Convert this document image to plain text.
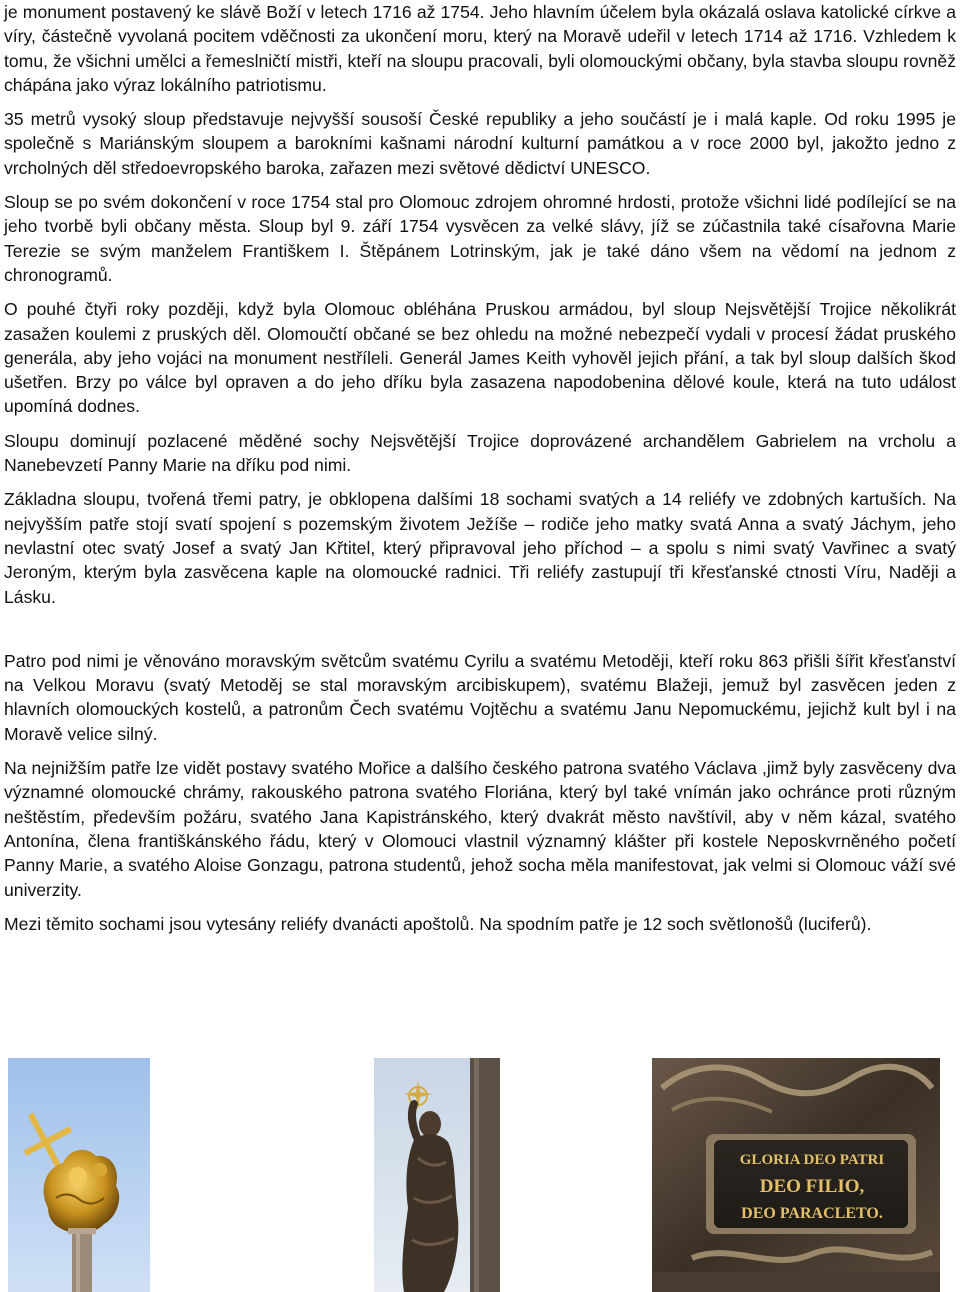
je monument postavený ke slávě Boží v letech 1716 až 1754. Jeho hlavním účelem byla okázalá oslava katolické církve a víry, částečně vyvolaná pocitem vděčnosti za ukončení moru, který na Moravě udeřil v letech 1714 až 1716. Vzhledem k tomu, že všichni umělci a řemeslničtí mistři, kteří na sloupu pracovali, byli olomouckými občany, byla stavba sloupu rovněž chápána jako výraz lokálního patriotismu.

35 metrů vysoký sloup představuje nejvyšší sousoší České republiky a jeho součástí je i malá kaple. Od roku 1995 je společně s Mariánským sloupem a barokními kašnami národní kulturní památkou a v roce 2000 byl, jakožto jedno z vrcholných děl středoevropského baroka, zařazen mezi světové dědictví UNESCO.

Sloup se po svém dokončení v roce 1754 stal pro Olomouc zdrojem ohromné hrdosti, protože všichni lidé podílející se na jeho tvorbě byli občany města. Sloup byl 9. září 1754 vysvěcen za velké slávy, jíž se zúčastnila také císařovna Marie Terezie se svým manželem Františkem I. Štěpánem Lotrinským, jak je také dáno všem na vědomí na jednom z chronogramů.

O pouhé čtyři roky později, když byla Olomouc obléhána Pruskou armádou, byl sloup Nejsvětější Trojice několikrát zasažen koulemi z pruských děl. Olomoučtí občané se bez ohledu na možné nebezpečí vydali v procesí žádat pruského generála, aby jeho vojáci na monument nestříleli. Generál James Keith vyhověl jejich přání, a tak byl sloup dalších škod ušetřen. Brzy po válce byl opraven a do jeho dříku byla zasazena napodobenina dělové koule, která na tuto událost upomíná dodnes.

Sloupu dominují pozlacené měděné sochy Nejsvětější Trojice doprovázené archandělem Gabrielem na vrcholu a Nanebevzetí Panny Marie na dříku pod nimi.

Základna sloupu, tvořená třemi patry, je obklopena dalšími 18 sochami svatých a 14 reliéfy ve zdobných kartuších. Na nejvyšším patře stojí svatí spojení s pozemským životem Ježíše – rodiče jeho matky svatá Anna a svatý Jáchym, jeho nevlastní otec svatý Josef a svatý Jan Křtitel, který připravoval jeho příchod – a spolu s nimi svatý Vavřinec a svatý Jeroným, kterým byla zasvěcena kaple na olomoucké radnici. Tři reliéfy zastupují tři křesťanské ctnosti Víru, Naději a Lásku.

Patro pod nimi je věnováno moravským světcům svatému Cyrilu a svatému Metoději, kteří roku 863 přišli šířit křesťanství na Velkou Moravu (svatý Metoděj se stal moravským arcibiskupem), svatému Blažeji, jemuž byl zasvěcen jeden z hlavních olomouckých kostelů, a patronům Čech svatému Vojtěchu a svatému Janu Nepomuckému, jejichž kult byl i na Moravě velice silný.

Na nejnižším patře lze vidět postavy svatého Mořice a dalšího českého patrona svatého Václava ,jimž byly zasvěceny dva významné olomoucké chrámy, rakouského patrona svatého Floriána, který byl také vnímán jako ochránce proti různým neštěstím, především požáru, svatého Jana Kapistránského, který dvakrát město navštívil, aby v něm kázal, svatého Antonína, člena františkánského řádu, který v Olomouci vlastnil významný klášter při kostele Neposkvrněného početí Panny Marie, a svatého Aloise Gonzagu, patrona studentů, jehož socha měla manifestovat, jak velmi si Olomouc váží své univerzity.

Mezi těmito sochami jsou vytesány reliéfy dvanácti apoštolů. Na spodním patře je 12 soch světlonošů (luciferů).

GLORIA DEO PATRI
DEO FILIO,
DEO PARACLETO.
